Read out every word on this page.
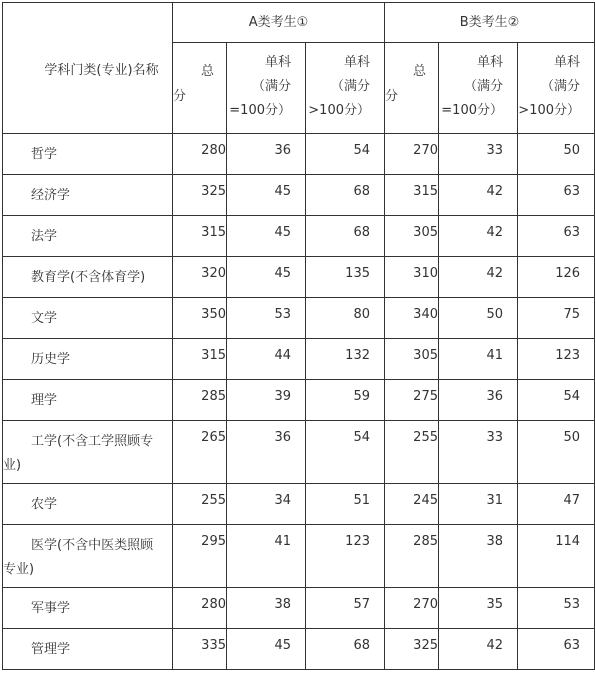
学科门类(专业)名称	A类考生①			B类考生②		

	总
分	单科
（满分
=100分）	单科
（满分
>100分）	总
分	单科
（满分
=100分）	单科
（满分
>100分）

哲学	280	36	54	270	33	50
经济学	325	45	68	315	42	63
法学	315	45	68	305	42	63
教育学(不含体育学)	320	45	135	310	42	126
文学	350	53	80	340	50	75
历史学	315	44	132	305	41	123
理学	285	39	59	275	36	54

工学(不含工学照顾专
业)	265	36	54	255	33	50
农学	255	34	51	245	31	47

医学(不含中医类照顾
专业)	295	41	123	285	38	114
军事学	280	38	57	270	35	53
管理学	335	45	68	325	42	63
